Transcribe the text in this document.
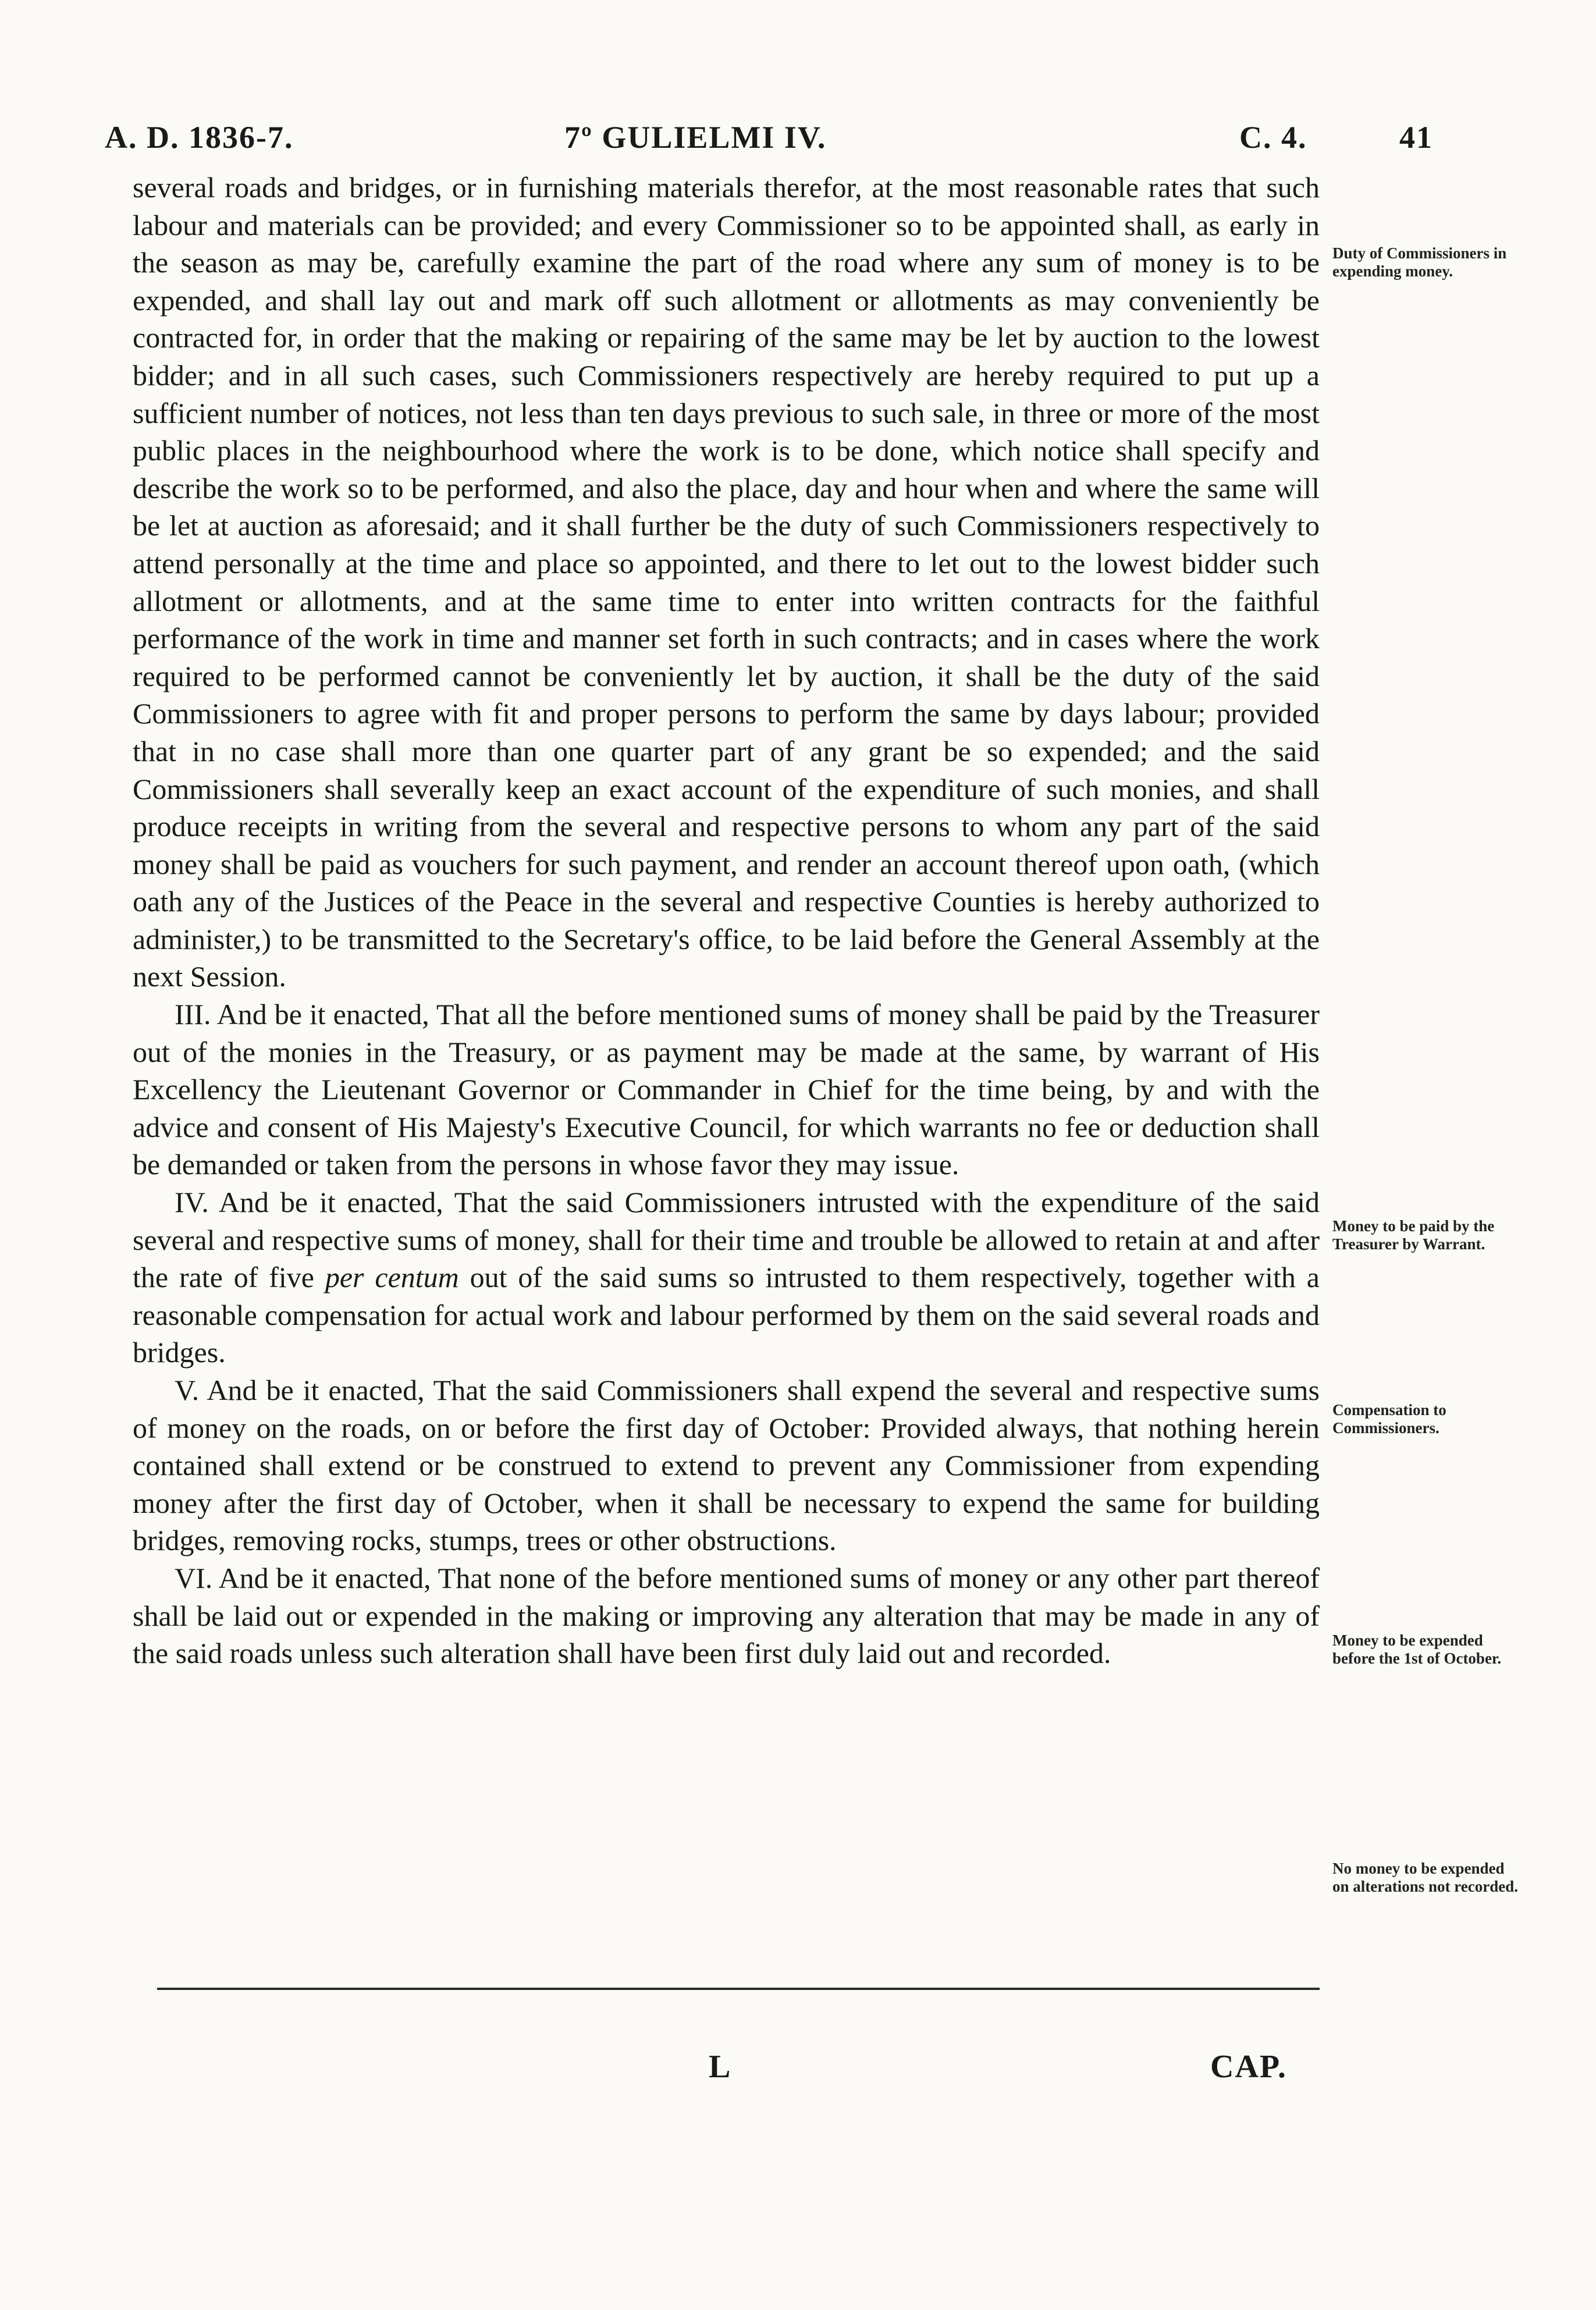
A. D. 1836-7.	7º GULIELMI IV.	C. 4.	41

several roads and bridges, or in furnishing materials therefor, at the most reasonable rates that such labour and materials can be provided; and every Commissioner so to be appointed shall, as early in the season as may be, carefully examine the part of the road where any sum of money is to be expended, and shall lay out and mark off such allotment or allotments as may conveniently be contracted for, in order that the making or repairing of the same may be let by auction to the lowest bidder; and in all such cases, such Commissioners respectively are hereby required to put up a sufficient number of notices, not less than ten days previous to such sale, in three or more of the most public places in the neighbourhood where the work is to be done, which notice shall specify and describe the work so to be performed, and also the place, day and hour when and where the same will be let at auction as aforesaid; and it shall further be the duty of such Commissioners respectively to attend personally at the time and place so appointed, and there to let out to the lowest bidder such allotment or allotments, and at the same time to enter into written contracts for the faithful performance of the work in time and manner set forth in such contracts; and in cases where the work required to be performed cannot be conveniently let by auction, it shall be the duty of the said Commissioners to agree with fit and proper persons to perform the same by days labour; provided that in no case shall more than one quarter part of any grant be so expended; and the said Commissioners shall severally keep an exact account of the expenditure of such monies, and shall produce receipts in writing from the several and respective persons to whom any part of the said money shall be paid as vouchers for such payment, and render an account thereof upon oath, (which oath any of the Justices of the Peace in the several and respective Counties is hereby authorized to administer,) to be transmitted to the Secretary's office, to be laid before the General Assembly at the next Session.

III. And be it enacted, That all the before mentioned sums of money shall be paid by the Treasurer out of the monies in the Treasury, or as payment may be made at the same, by warrant of His Excellency the Lieutenant Governor or Commander in Chief for the time being, by and with the advice and consent of His Majesty's Executive Council, for which warrants no fee or deduction shall be demanded or taken from the persons in whose favor they may issue.

IV. And be it enacted, That the said Commissioners intrusted with the expenditure of the said several and respective sums of money, shall for their time and trouble be allowed to retain at and after the rate of five per centum out of the said sums so intrusted to them respectively, together with a reasonable compensation for actual work and labour performed by them on the said several roads and bridges.

V. And be it enacted, That the said Commissioners shall expend the several and respective sums of money on the roads, on or before the first day of October: Provided always, that nothing herein contained shall extend or be construed to extend to prevent any Commissioner from expending money after the first day of October, when it shall be necessary to expend the same for building bridges, removing rocks, stumps, trees or other obstructions.

VI. And be it enacted, That none of the before mentioned sums of money or any other part thereof shall be laid out or expended in the making or improving any alteration that may be made in any of the said roads unless such alteration shall have been first duly laid out and recorded.

Duty of Commissioners in expending money.
Money to be paid by the Treasurer by Warrant.
Compensation to Commissioners.
Money to be expended before the 1st of October.
No money to be expended on alterations not recorded.
L	CAP.
